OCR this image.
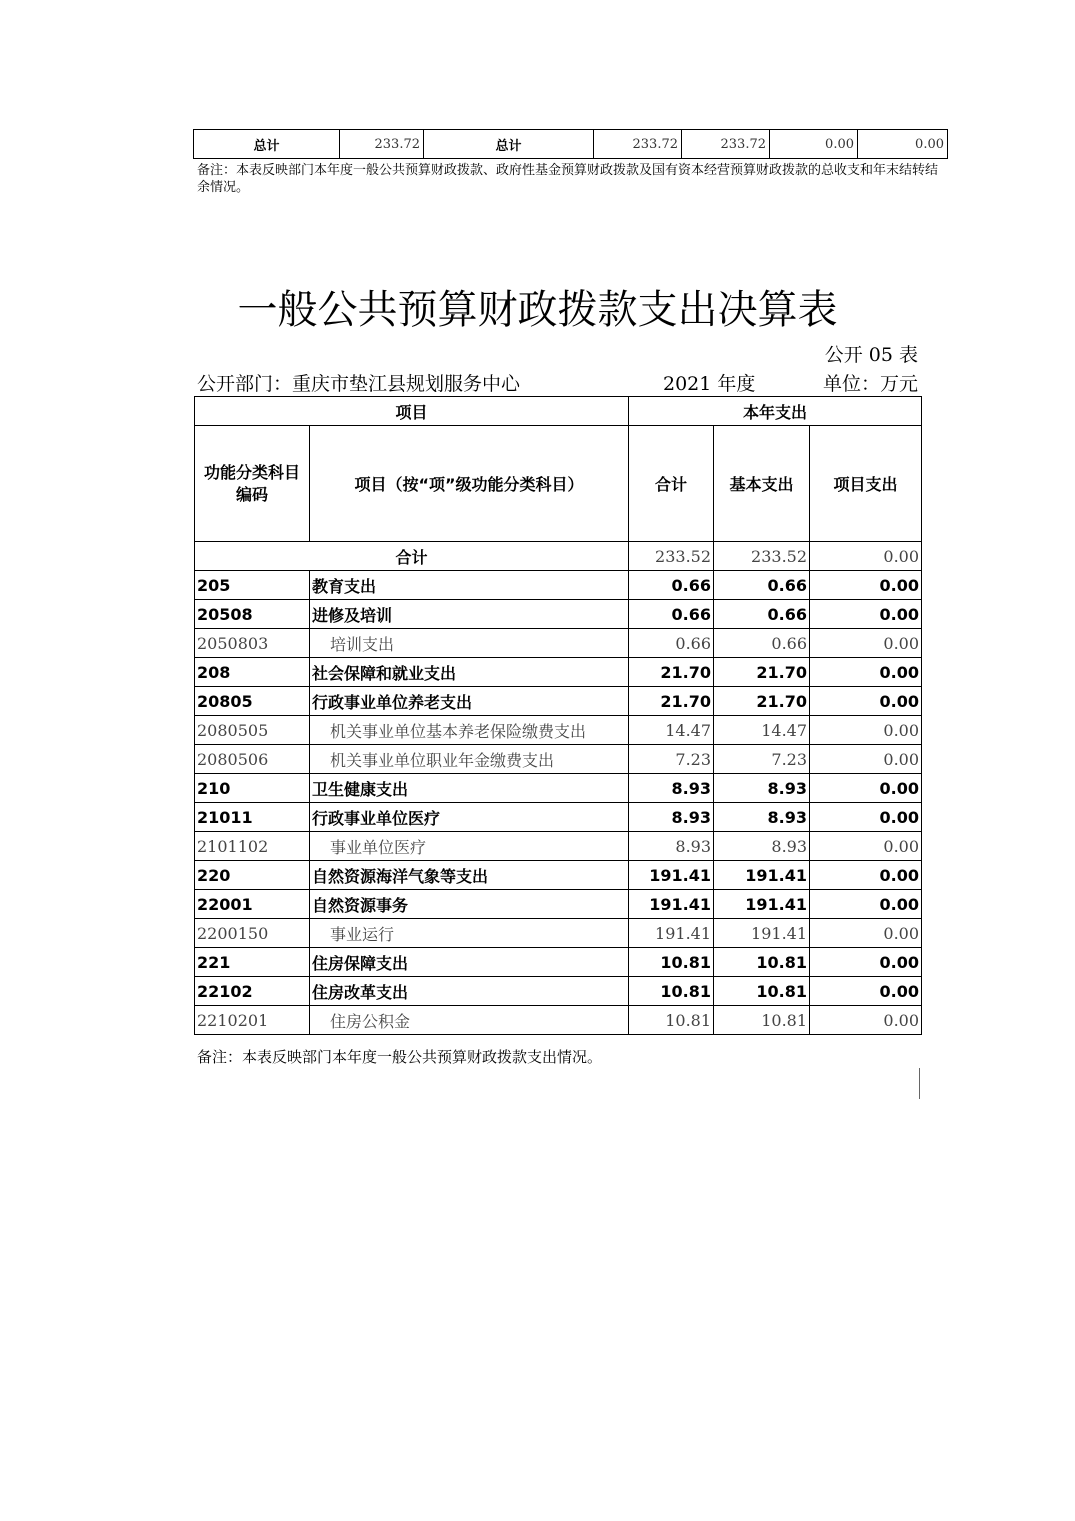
总计	233.72	总计	233.72	233.72	0.00	0.00
备注：本表反映部门本年度一般公共预算财政拨款、政府性基金预算财政拨款及国有资本经营预算财政拨款的总收支和年末结转结余情况。
一般公共预算财政拨款支出决算表
公开 05 表
公开部门：重庆市垫江县规划服务中心	2021 年度	单位：万元
项目		本年支出		
功能分类科目编码	项目（按“项”级功能分类科目）	合计	基本支出	项目支出
合计		233.52	233.52	0.00
205	教育支出	0.66	0.66	0.00
20508	进修及培训	0.66	0.66	0.00
2050803	培训支出	0.66	0.66	0.00
208	社会保障和就业支出	21.70	21.70	0.00
20805	行政事业单位养老支出	21.70	21.70	0.00
2080505	机关事业单位基本养老保险缴费支出	14.47	14.47	0.00
2080506	机关事业单位职业年金缴费支出	7.23	7.23	0.00
210	卫生健康支出	8.93	8.93	0.00
21011	行政事业单位医疗	8.93	8.93	0.00
2101102	事业单位医疗	8.93	8.93	0.00
220	自然资源海洋气象等支出	191.41	191.41	0.00
22001	自然资源事务	191.41	191.41	0.00
2200150	事业运行	191.41	191.41	0.00
221	住房保障支出	10.81	10.81	0.00
22102	住房改革支出	10.81	10.81	0.00
2210201	住房公积金	10.81	10.81	0.00
备注：本表反映部门本年度一般公共预算财政拨款支出情况。
